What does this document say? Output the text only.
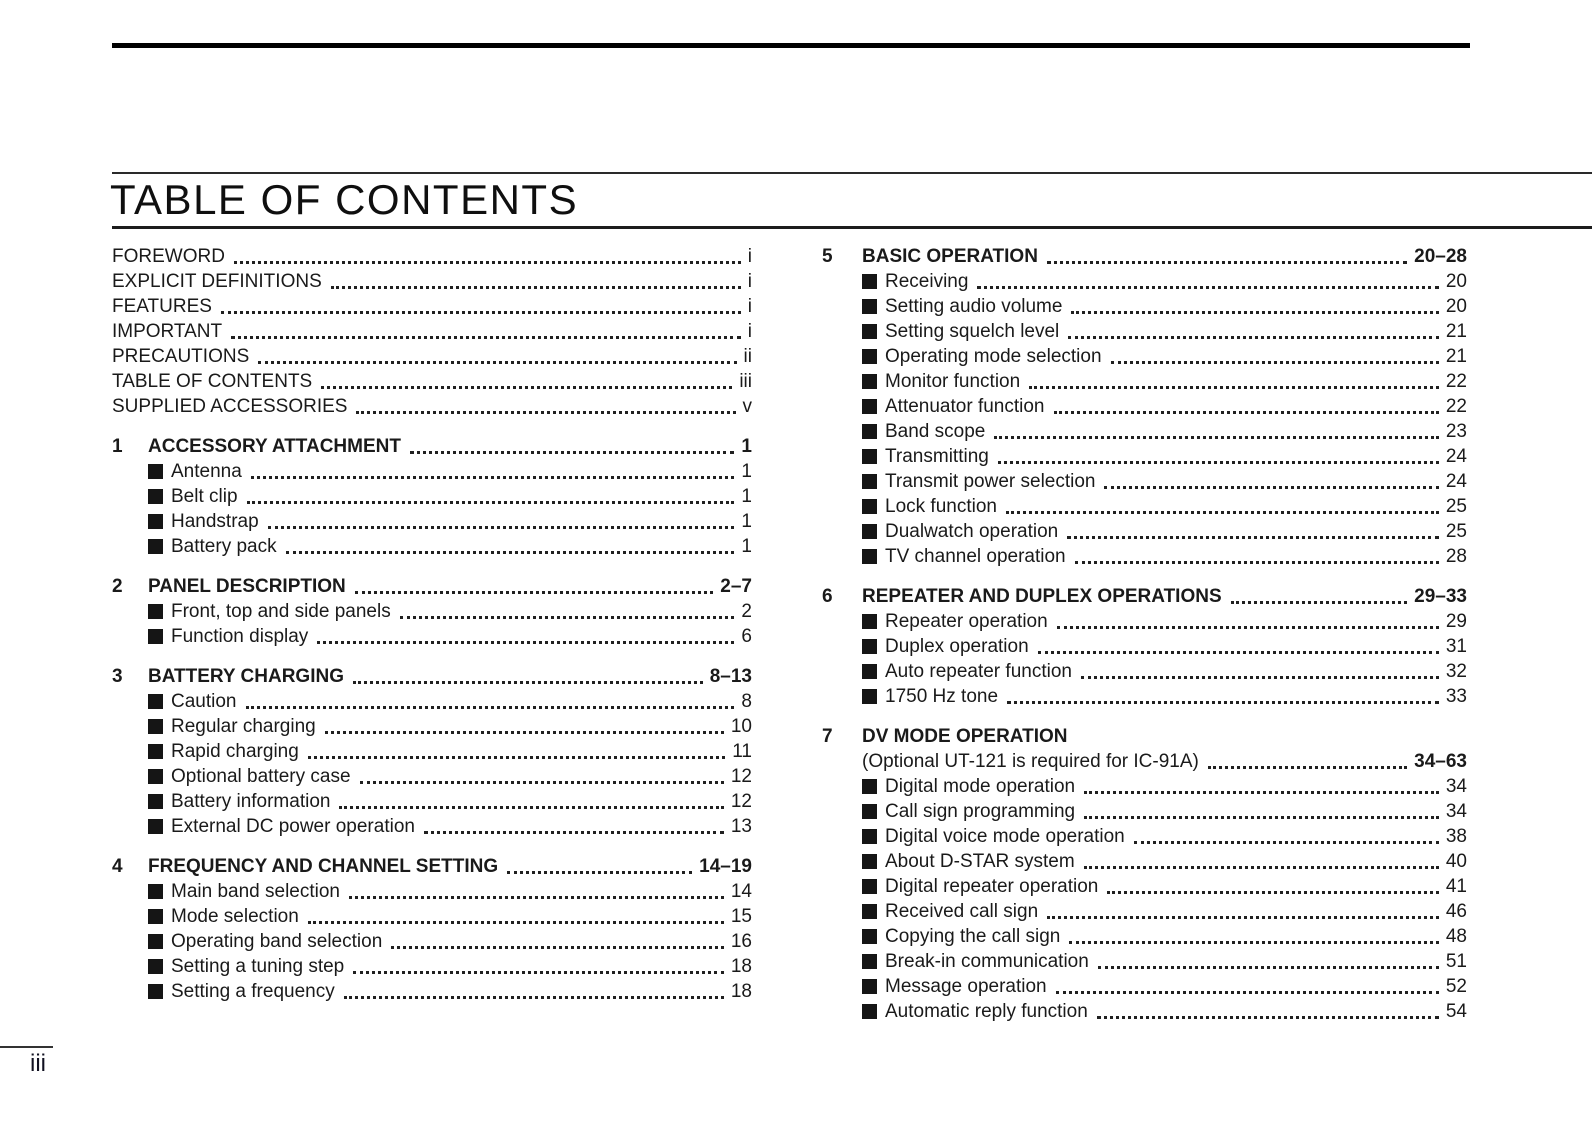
TABLE OF CONTENTS
FOREWORD	i
EXPLICIT DEFINITIONS	i
FEATURES	i
IMPORTANT	i
PRECAUTIONS	ii
TABLE OF CONTENTS	iii
SUPPLIED ACCESSORIES	v
1	ACCESSORY ATTACHMENT	1
Antenna	1
Belt clip	1
Handstrap	1
Battery pack	1
2	PANEL DESCRIPTION	2–7
Front, top and side panels	2
Function display	6
3	BATTERY CHARGING	8–13
Caution	8
Regular charging	10
Rapid charging	11
Optional battery case	12
Battery information	12
External DC power operation	13
4	FREQUENCY AND CHANNEL SETTING	14–19
Main band selection	14
Mode selection	15
Operating band selection	16
Setting a tuning step	18
Setting a frequency	18
5	BASIC OPERATION	20–28
Receiving	20
Setting audio volume	20
Setting squelch level	21
Operating mode selection	21
Monitor function	22
Attenuator function	22
Band scope	23
Transmitting	24
Transmit power selection	24
Lock function	25
Dualwatch operation	25
TV channel operation	28
6	REPEATER AND DUPLEX OPERATIONS	29–33
Repeater operation	29
Duplex operation	31
Auto repeater function	32
1750 Hz tone	33
7	DV MODE OPERATION
(Optional UT-121 is required for IC-91A)	34–63
Digital mode operation	34
Call sign programming	34
Digital voice mode operation	38
About D-STAR system	40
Digital repeater operation	41
Received call sign	46
Copying the call sign	48
Break-in communication	51
Message operation	52
Automatic reply function	54
iii
